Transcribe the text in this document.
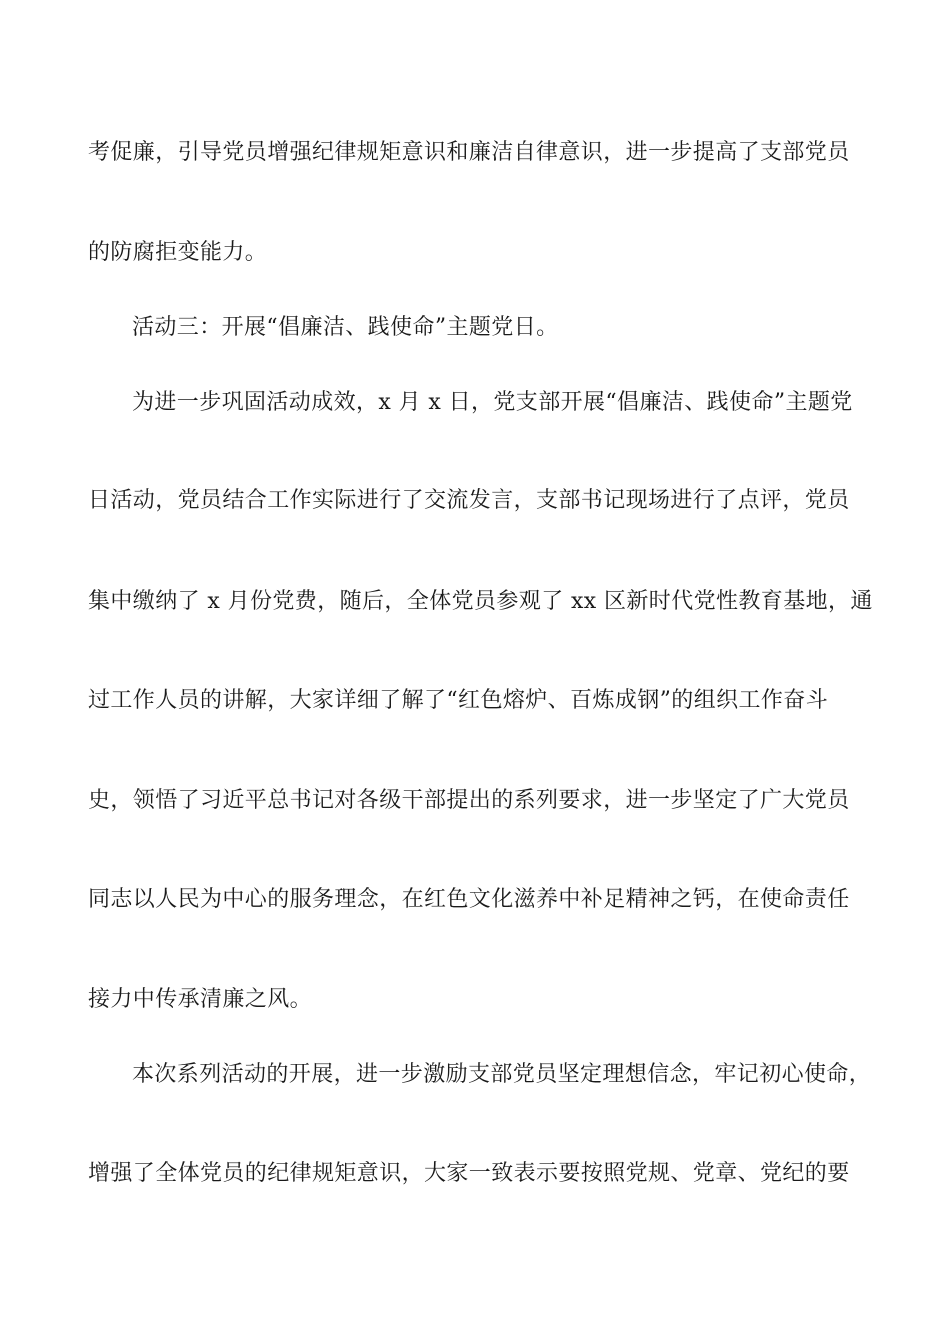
考促廉，引导党员增强纪律规矩意识和廉洁自律意识，进一步提高了支部党员
的防腐拒变能力。
活动三：开展“倡廉洁、践使命”主题党日。
为进一步巩固活动成效，x 月 x 日，党支部开展“倡廉洁、践使命”主题党
日活动，党员结合工作实际进行了交流发言，支部书记现场进行了点评，党员
集中缴纳了 x 月份党费，随后，全体党员参观了 xx 区新时代党性教育基地，通
过工作人员的讲解，大家详细了解了“红色熔炉、百炼成钢”的组织工作奋斗
史，领悟了习近平总书记对各级干部提出的系列要求，进一步坚定了广大党员
同志以人民为中心的服务理念，在红色文化滋养中补足精神之钙，在使命责任
接力中传承清廉之风。
本次系列活动的开展，进一步激励支部党员坚定理想信念，牢记初心使命，
增强了全体党员的纪律规矩意识，大家一致表示要按照党规、党章、党纪的要
